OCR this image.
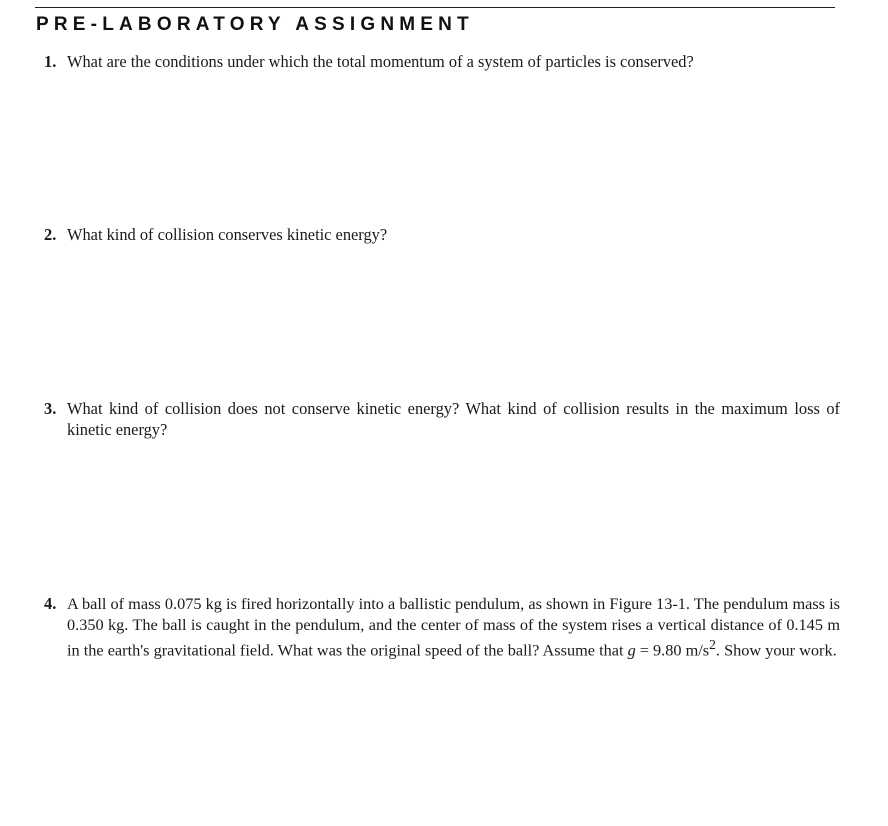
PRE-LABORATORY ASSIGNMENT
1. What are the conditions under which the total momentum of a system of particles is conserved?
2. What kind of collision conserves kinetic energy?
3. What kind of collision does not conserve kinetic energy? What kind of collision results in the maximum loss of kinetic energy?
4. A ball of mass 0.075 kg is fired horizontally into a ballistic pendulum, as shown in Figure 13-1. The pendulum mass is 0.350 kg. The ball is caught in the pendulum, and the center of mass of the system rises a vertical distance of 0.145 m in the earth's gravitational field. What was the original speed of the ball? Assume that g = 9.80 $m/s^2$. Show your work.
